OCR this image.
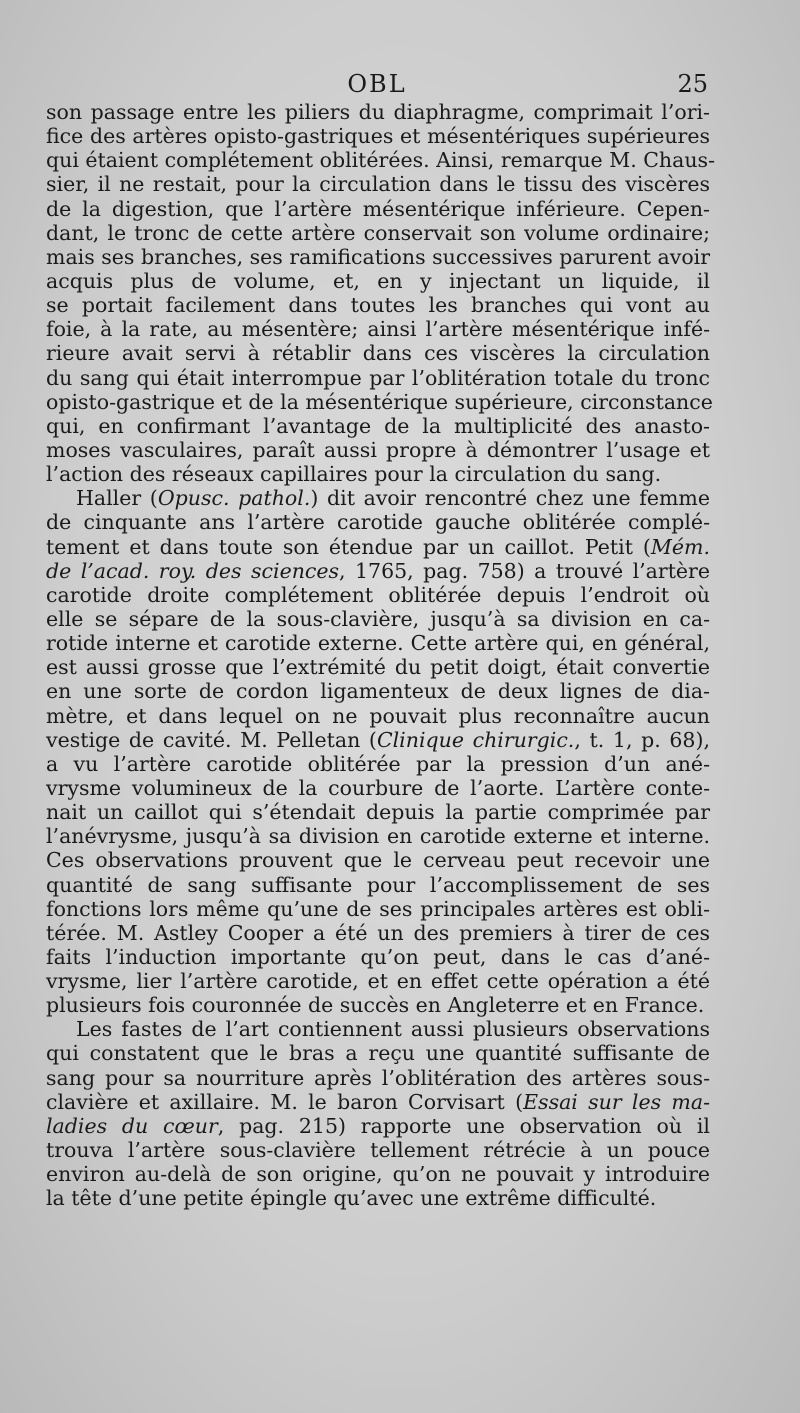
OBL	25
son passage entre les piliers du diaphragme, comprimait l’ori-
fice des artères opisto-gastriques et mésentériques supérieures
qui étaient complétement oblitérées. Ainsi, remarque M. Chaus-
sier, il ne restait, pour la circulation dans le tissu des viscères
de la digestion, que l’artère mésentérique inférieure. Cepen-
dant, le tronc de cette artère conservait son volume ordinaire;
mais ses branches, ses ramifications successives parurent avoir
acquis plus de volume, et, en y injectant un liquide, il
se portait facilement dans toutes les branches qui vont au
foie, à la rate, au mésentère; ainsi l’artère mésentérique infé-
rieure avait servi à rétablir dans ces viscères la circulation
du sang qui était interrompue par l’oblitération totale du tronc
opisto-gastrique et de la mésentérique supérieure, circonstance
qui, en confirmant l’avantage de la multiplicité des anasto-
moses vasculaires, paraît aussi propre à démontrer l’usage et
l’action des réseaux capillaires pour la circulation du sang.
Haller (Opusc. pathol.) dit avoir rencontré chez une femme
de cinquante ans l’artère carotide gauche oblitérée complé-
tement et dans toute son étendue par un caillot. Petit (Mém.
de l’acad. roy. des sciences, 1765, pag. 758) a trouvé l’artère
carotide droite complétement oblitérée depuis l’endroit où
elle se sépare de la sous-clavière, jusqu’à sa division en ca-
rotide interne et carotide externe. Cette artère qui, en général,
est aussi grosse que l’extrémité du petit doigt, était convertie
en une sorte de cordon ligamenteux de deux lignes de dia-
mètre, et dans lequel on ne pouvait plus reconnaître aucun
vestige de cavité. M. Pelletan (Clinique chirurgic., t. 1, p. 68),
a vu l’artère carotide oblitérée par la pression d’un ané-
vrysme volumineux de la courbure de l’aorte. L’artère conte-
nait un caillot qui s’étendait depuis la partie comprimée par
l’anévrysme, jusqu’à sa division en carotide externe et interne.
Ces observations prouvent que le cerveau peut recevoir une
quantité de sang suffisante pour l’accomplissement de ses
fonctions lors même qu’une de ses principales artères est obli-
térée. M. Astley Cooper a été un des premiers à tirer de ces
faits l’induction importante qu’on peut, dans le cas d’ané-
vrysme, lier l’artère carotide, et en effet cette opération a été
plusieurs fois couronnée de succès en Angleterre et en France.
Les fastes de l’art contiennent aussi plusieurs observations
qui constatent que le bras a reçu une quantité suffisante de
sang pour sa nourriture après l’oblitération des artères sous-
clavière et axillaire. M. le baron Corvisart (Essai sur les ma-
ladies du cœur, pag. 215) rapporte une observation où il
trouva l’artère sous-clavière tellement rétrécie à un pouce
environ au-delà de son origine, qu’on ne pouvait y introduire
la tête d’une petite épingle qu’avec une extrême difficulté.
